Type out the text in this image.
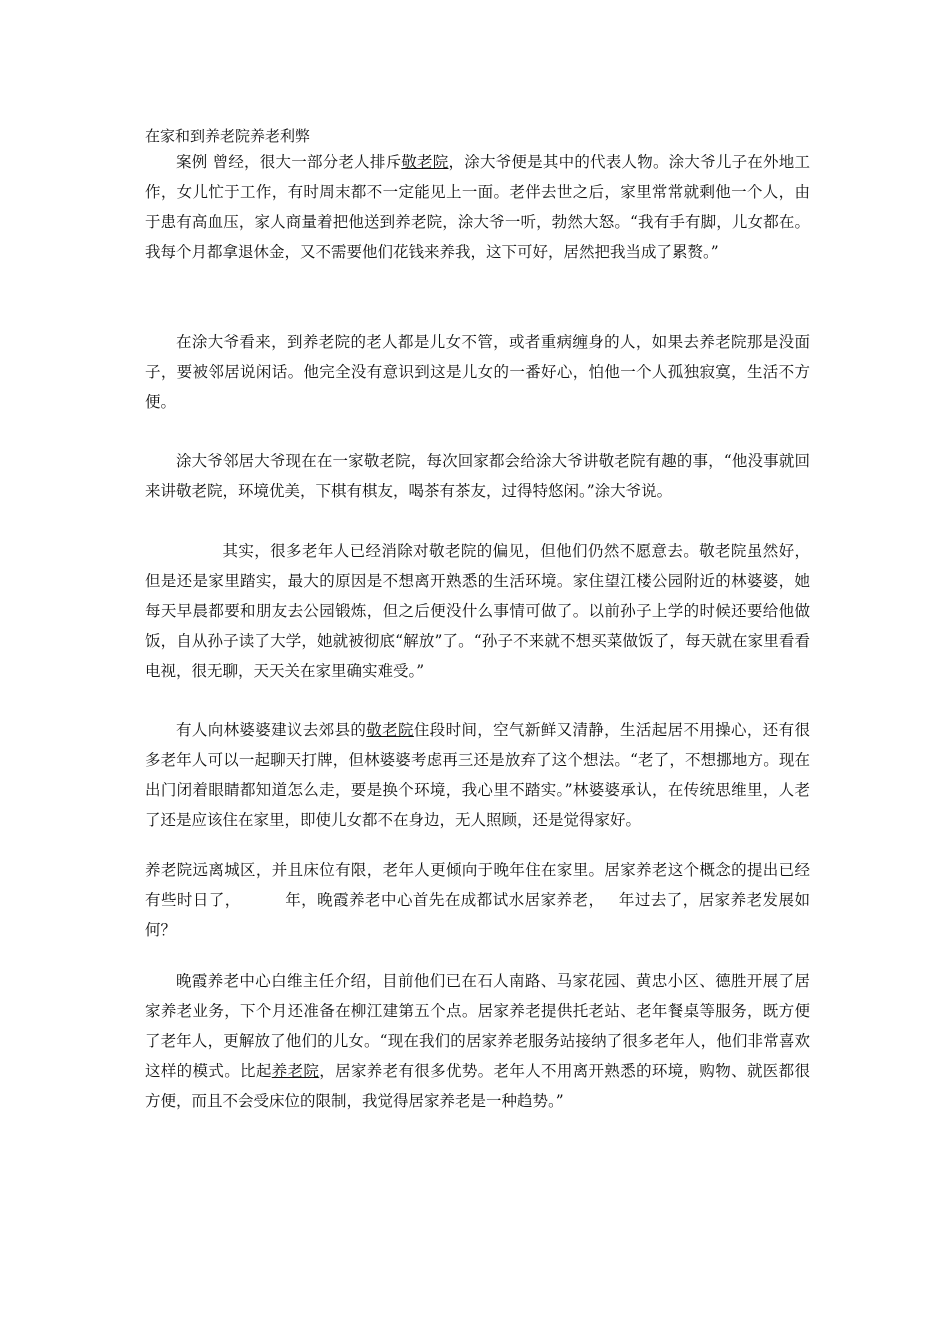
在家和到养老院养老利弊

案例 曾经，很大一部分老人排斥敬老院，涂大爷便是其中的代表人物。涂大爷儿子在外地工作，女儿忙于工作，有时周末都不一定能见上一面。老伴去世之后，家里常常就剩他一个人，由于患有高血压，家人商量着把他送到养老院，涂大爷一听，勃然大怒。“我有手有脚，儿女都在。我每个月都拿退休金，又不需要他们花钱来养我，这下可好，居然把我当成了累赘。”

在涂大爷看来，到养老院的老人都是儿女不管，或者重病缠身的人，如果去养老院那是没面子，要被邻居说闲话。他完全没有意识到这是儿女的一番好心，怕他一个人孤独寂寞，生活不方便。

涂大爷邻居大爷现在在一家敬老院，每次回家都会给涂大爷讲敬老院有趣的事，“他没事就回来讲敬老院，环境优美，下棋有棋友，喝茶有茶友，过得特悠闲。”涂大爷说。

其实，很多老年人已经消除对敬老院的偏见，但他们仍然不愿意去。敬老院虽然好，但是还是家里踏实，最大的原因是不想离开熟悉的生活环境。家住望江楼公园附近的林婆婆，她每天早晨都要和朋友去公园锻炼，但之后便没什么事情可做了。以前孙子上学的时候还要给他做饭，自从孙子读了大学，她就被彻底“解放”了。“孙子不来就不想买菜做饭了，每天就在家里看看电视，很无聊，天天关在家里确实难受。”

有人向林婆婆建议去郊县的敬老院住段时间，空气新鲜又清静，生活起居不用操心，还有很多老年人可以一起聊天打牌，但林婆婆考虑再三还是放弃了这个想法。“老了，不想挪地方。现在出门闭着眼睛都知道怎么走，要是换个环境，我心里不踏实。”林婆婆承认，在传统思维里，人老了还是应该住在家里，即使儿女都不在身边，无人照顾，还是觉得家好。

养老院远离城区，并且床位有限，老年人更倾向于晚年住在家里。居家养老这个概念的提出已经有些时日了，	年，晚霞养老中心首先在成都试水居家养老， 年过去了，居家养老发展如何？

晚霞养老中心白维主任介绍，目前他们已在石人南路、马家花园、黄忠小区、德胜开展了居家养老业务，下个月还准备在柳江建第五个点。居家养老提供托老站、老年餐桌等服务，既方便了老年人，更解放了他们的儿女。“现在我们的居家养老服务站接纳了很多老年人，他们非常喜欢这样的模式。比起养老院，居家养老有很多优势。老年人不用离开熟悉的环境，购物、就医都很方便，而且不会受床位的限制，我觉得居家养老是一种趋势。”
